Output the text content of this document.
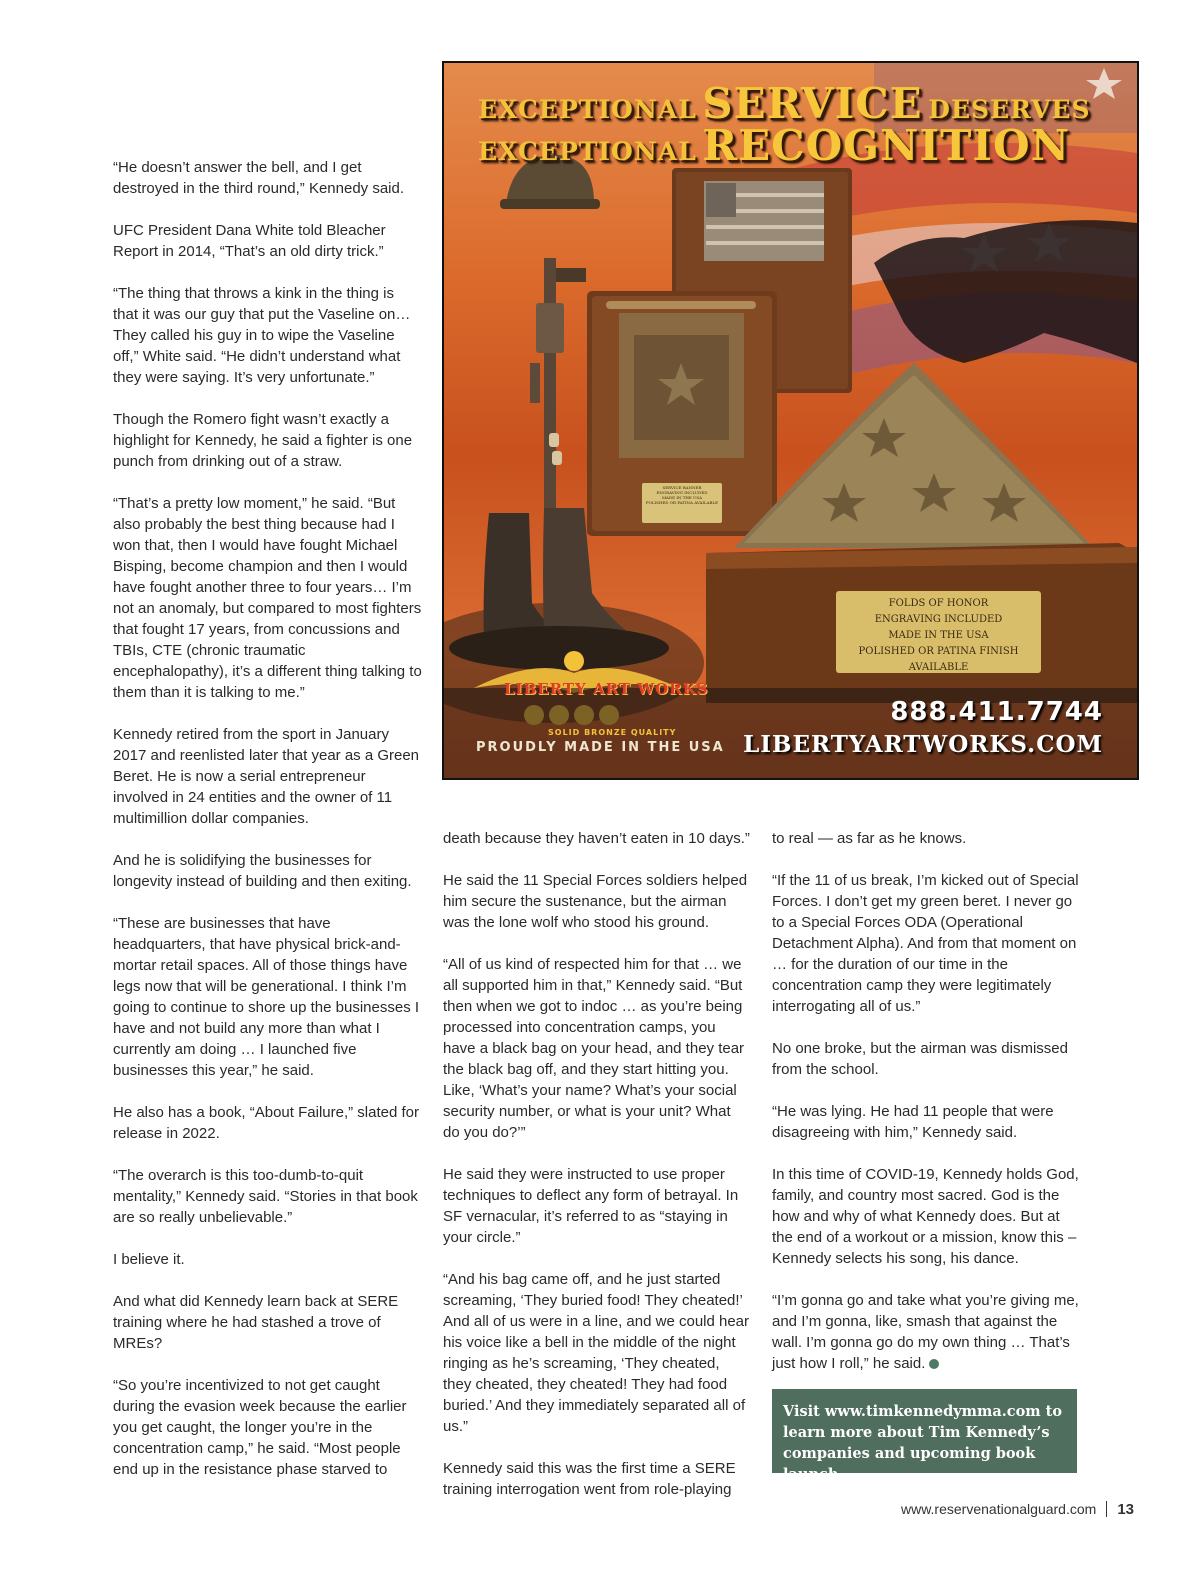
“He doesn’t answer the bell, and I get destroyed in the third round,” Kennedy said.

UFC President Dana White told Bleacher Report in 2014, “That’s an old dirty trick.”

“The thing that throws a kink in the thing is that it was our guy that put the Vaseline on… They called his guy in to wipe the Vaseline off,” White said. “He didn’t understand what they were saying. It’s very unfortunate.”

Though the Romero fight wasn’t exactly a highlight for Kennedy, he said a fighter is one punch from drinking out of a straw.

“That’s a pretty low moment,” he said. “But also probably the best thing because had I won that, then I would have fought Michael Bisping, become champion and then I would have fought another three to four years… I’m not an anomaly, but compared to most fighters that fought 17 years, from concussions and TBIs, CTE (chronic traumatic encephalopathy), it’s a different thing talking to them than it is talking to me.”

Kennedy retired from the sport in January 2017 and reenlisted later that year as a Green Beret. He is now a serial entrepreneur involved in 24 entities and the owner of 11 multimillion dollar companies.

And he is solidifying the businesses for longevity instead of building and then exiting.

“These are businesses that have headquarters, that have physical brick-and-mortar retail spaces. All of those things have legs now that will be generational. I think I’m going to continue to shore up the businesses I have and not build any more than what I currently am doing … I launched five businesses this year,” he said.

He also has a book, “About Failure,” slated for release in 2022.

“The overarch is this too-dumb-to-quit mentality,” Kennedy said. “Stories in that book are so really unbelievable.”

I believe it.

And what did Kennedy learn back at SERE training where he had stashed a trove of MREs?

“So you’re incentivized to not get caught during the evasion week because the earlier you get caught, the longer you’re in the concentration camp,” he said. “Most people end up in the resistance phase starved to

death because they haven’t eaten in 10 days.”

He said the 11 Special Forces soldiers helped him secure the sustenance, but the airman was the lone wolf who stood his ground.

“All of us kind of respected him for that … we all supported him in that,” Kennedy said. “But then when we got to indoc … as you’re being processed into concentration camps, you have a black bag on your head, and they tear the black bag off, and they start hitting you. Like, ‘What’s your name? What’s your social security number, or what is your unit? What do you do?’”

He said they were instructed to use proper techniques to deflect any form of betrayal. In SF vernacular, it’s referred to as “staying in your circle.”

“And his bag came off, and he just started screaming, ‘They buried food! They cheated!’ And all of us were in a line, and we could hear his voice like a bell in the middle of the night ringing as he’s screaming, ‘They cheated, they cheated, they cheated! They had food buried.’ And they immediately separated all of us.”

Kennedy said this was the first time a SERE training interrogation went from role-playing

to real — as far as he knows.

“If the 11 of us break, I’m kicked out of Special Forces. I don’t get my green beret. I never go to a Special Forces ODA (Operational Detachment Alpha). And from that moment on … for the duration of our time in the concentration camp they were legitimately interrogating all of us.”

No one broke, but the airman was dismissed from the school.

“He was lying. He had 11 people that were disagreeing with him,” Kennedy said.

In this time of COVID-19, Kennedy holds God, family, and country most sacred. God is the how and why of what Kennedy does. But at the end of a workout or a mission, know this – Kennedy selects his song, his dance.

“I’m gonna go and take what you’re giving me, and I’m gonna, like, smash that against the wall. I’m gonna go do my own thing … That’s just how I roll,” he said.

Visit www.timkennedymma.com to learn more about Tim Kennedy’s companies and upcoming book launch.
EXCEPTIONAL SERVICE DESERVES
EXCEPTIONAL RECOGNITION
SERVICE BANNER
ENGRAVING INCLUDED
MADE IN THE USA
POLISHED OR PATINA AVAILABLE
FOLDS OF HONOR
ENGRAVING INCLUDED
MADE IN THE USA
POLISHED OR PATINA FINISH AVAILABLE
LIBERTY ART WORKS
SOLID BRONZE QUALITY
PROUDLY MADE IN THE USA
888.411.7744
LIBERTYARTWORKS.COM
www.reservenationalguard.com 13
